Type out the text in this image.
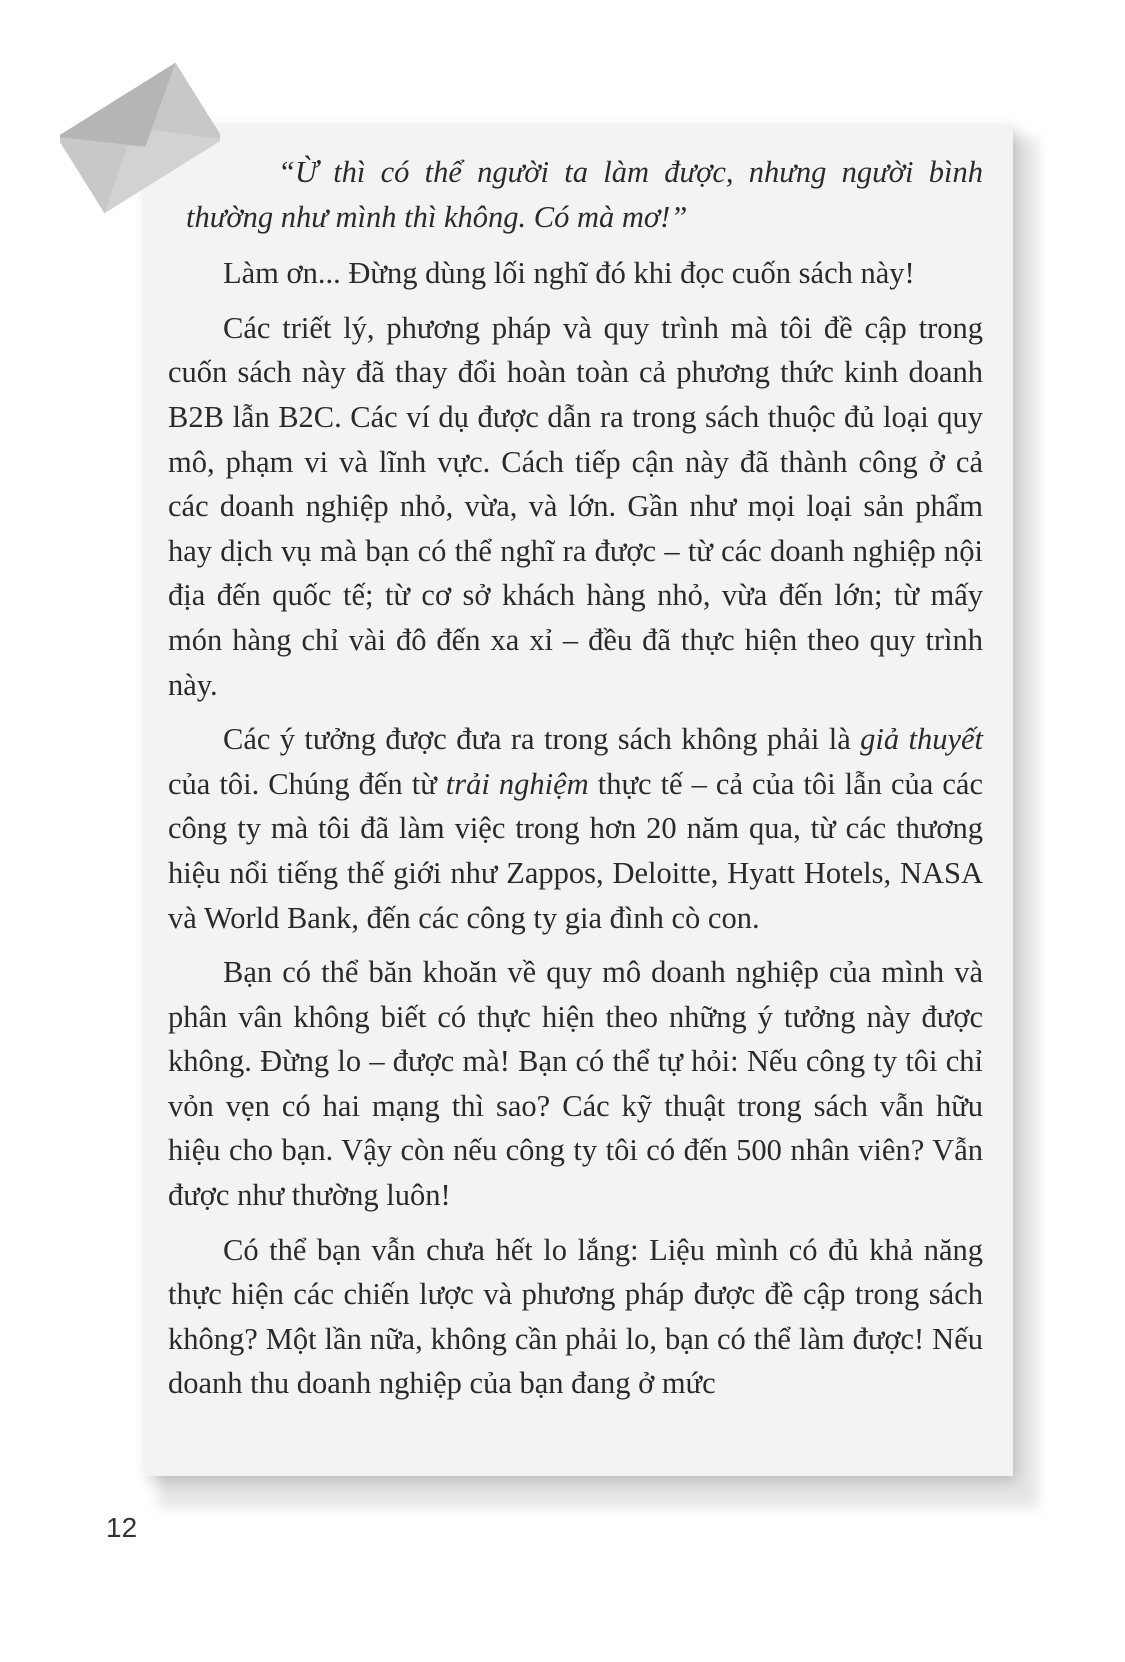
“Ừ thì có thể người ta làm được, nhưng người bình thường như mình thì không. Có mà mơ!”

Làm ơn... Đừng dùng lối nghĩ đó khi đọc cuốn sách này!

Các triết lý, phương pháp và quy trình mà tôi đề cập trong cuốn sách này đã thay đổi hoàn toàn cả phương thức kinh doanh B2B lẫn B2C. Các ví dụ được dẫn ra trong sách thuộc đủ loại quy mô, phạm vi và lĩnh vực. Cách tiếp cận này đã thành công ở cả các doanh nghiệp nhỏ, vừa, và lớn. Gần như mọi loại sản phẩm hay dịch vụ mà bạn có thể nghĩ ra được – từ các doanh nghiệp nội địa đến quốc tế; từ cơ sở khách hàng nhỏ, vừa đến lớn; từ mấy món hàng chỉ vài đô đến xa xỉ – đều đã thực hiện theo quy trình này.

Các ý tưởng được đưa ra trong sách không phải là giả thuyết của tôi. Chúng đến từ trải nghiệm thực tế – cả của tôi lẫn của các công ty mà tôi đã làm việc trong hơn 20 năm qua, từ các thương hiệu nổi tiếng thế giới như Zappos, Deloitte, Hyatt Hotels, NASA và World Bank, đến các công ty gia đình cò con.

Bạn có thể băn khoăn về quy mô doanh nghiệp của mình và phân vân không biết có thực hiện theo những ý tưởng này được không. Đừng lo – được mà! Bạn có thể tự hỏi: Nếu công ty tôi chỉ vỏn vẹn có hai mạng thì sao? Các kỹ thuật trong sách vẫn hữu hiệu cho bạn. Vậy còn nếu công ty tôi có đến 500 nhân viên? Vẫn được như thường luôn!

Có thể bạn vẫn chưa hết lo lắng: Liệu mình có đủ khả năng thực hiện các chiến lược và phương pháp được đề cập trong sách không? Một lần nữa, không cần phải lo, bạn có thể làm được! Nếu doanh thu doanh nghiệp của bạn đang ở mức

12
